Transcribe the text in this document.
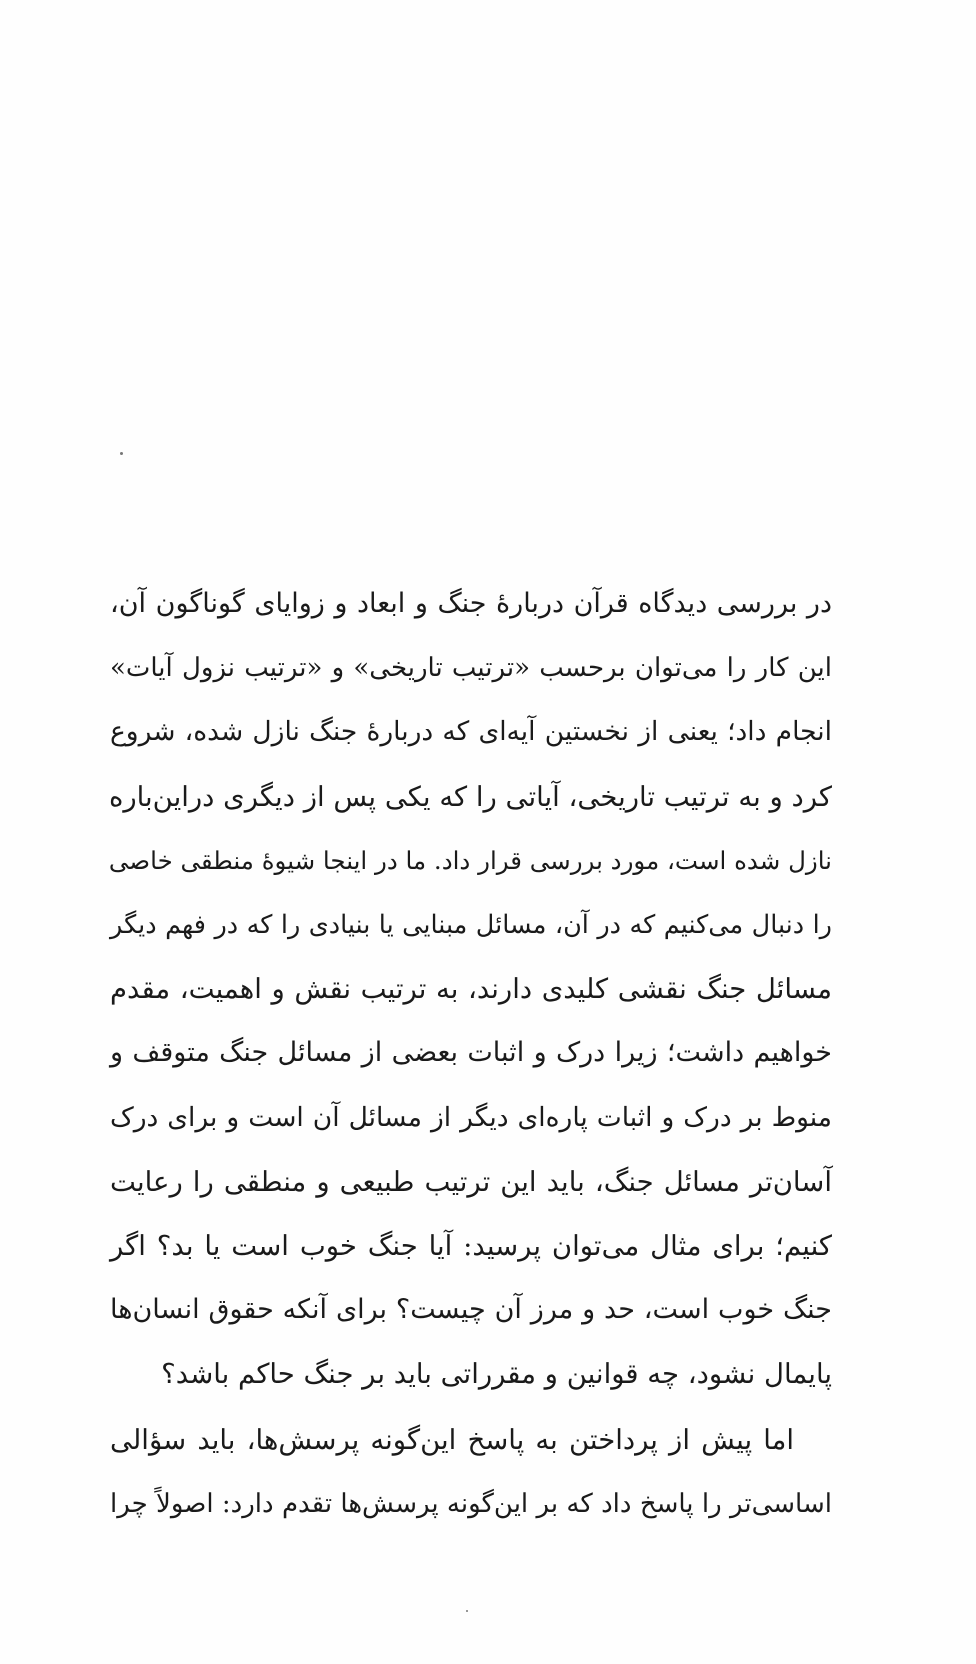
در بررسی دیدگاه قرآن دربارهٔ جنگ و ابعاد و زوایای گوناگون آن،
این کار را می‌توان برحسب «ترتیب تاریخی» و «ترتیب نزول آیات»
انجام داد؛ یعنی از نخستین آیه‌ای که دربارهٔ جنگ نازل شده، شروع
کرد و به ترتیب تاریخی، آیاتی را که یکی پس از دیگری دراین‌باره
نازل شده است، مورد بررسی قرار داد. ما در اینجا شیوهٔ منطقی خاصی
را دنبال می‌کنیم که در آن، مسائل مبنایی یا بنیادی را که در فهم دیگر
مسائل جنگ نقشی کلیدی دارند، به ترتیب نقش و اهمیت، مقدم
خواهیم داشت؛ زیرا درک و اثبات بعضی از مسائل جنگ متوقف و
منوط بر درک و اثبات پاره‌ای دیگر از مسائل آن است و برای درک
آسان‌تر مسائل جنگ، باید این ترتیب طبیعی و منطقی را رعایت
کنیم؛ برای مثال می‌توان پرسید: آیا جنگ خوب است یا بد؟ اگر
جنگ خوب است، حد و مرز آن چیست؟ برای آنکه حقوق انسان‌ها
پایمال نشود، چه قوانین و مقرراتی باید بر جنگ حاکم باشد؟
اما پیش از پرداختن به پاسخ این‌گونه پرسش‌ها، باید سؤالی
اساسی‌تر را پاسخ داد که بر این‌گونه پرسش‌ها تقدم دارد: اصولاً چرا
